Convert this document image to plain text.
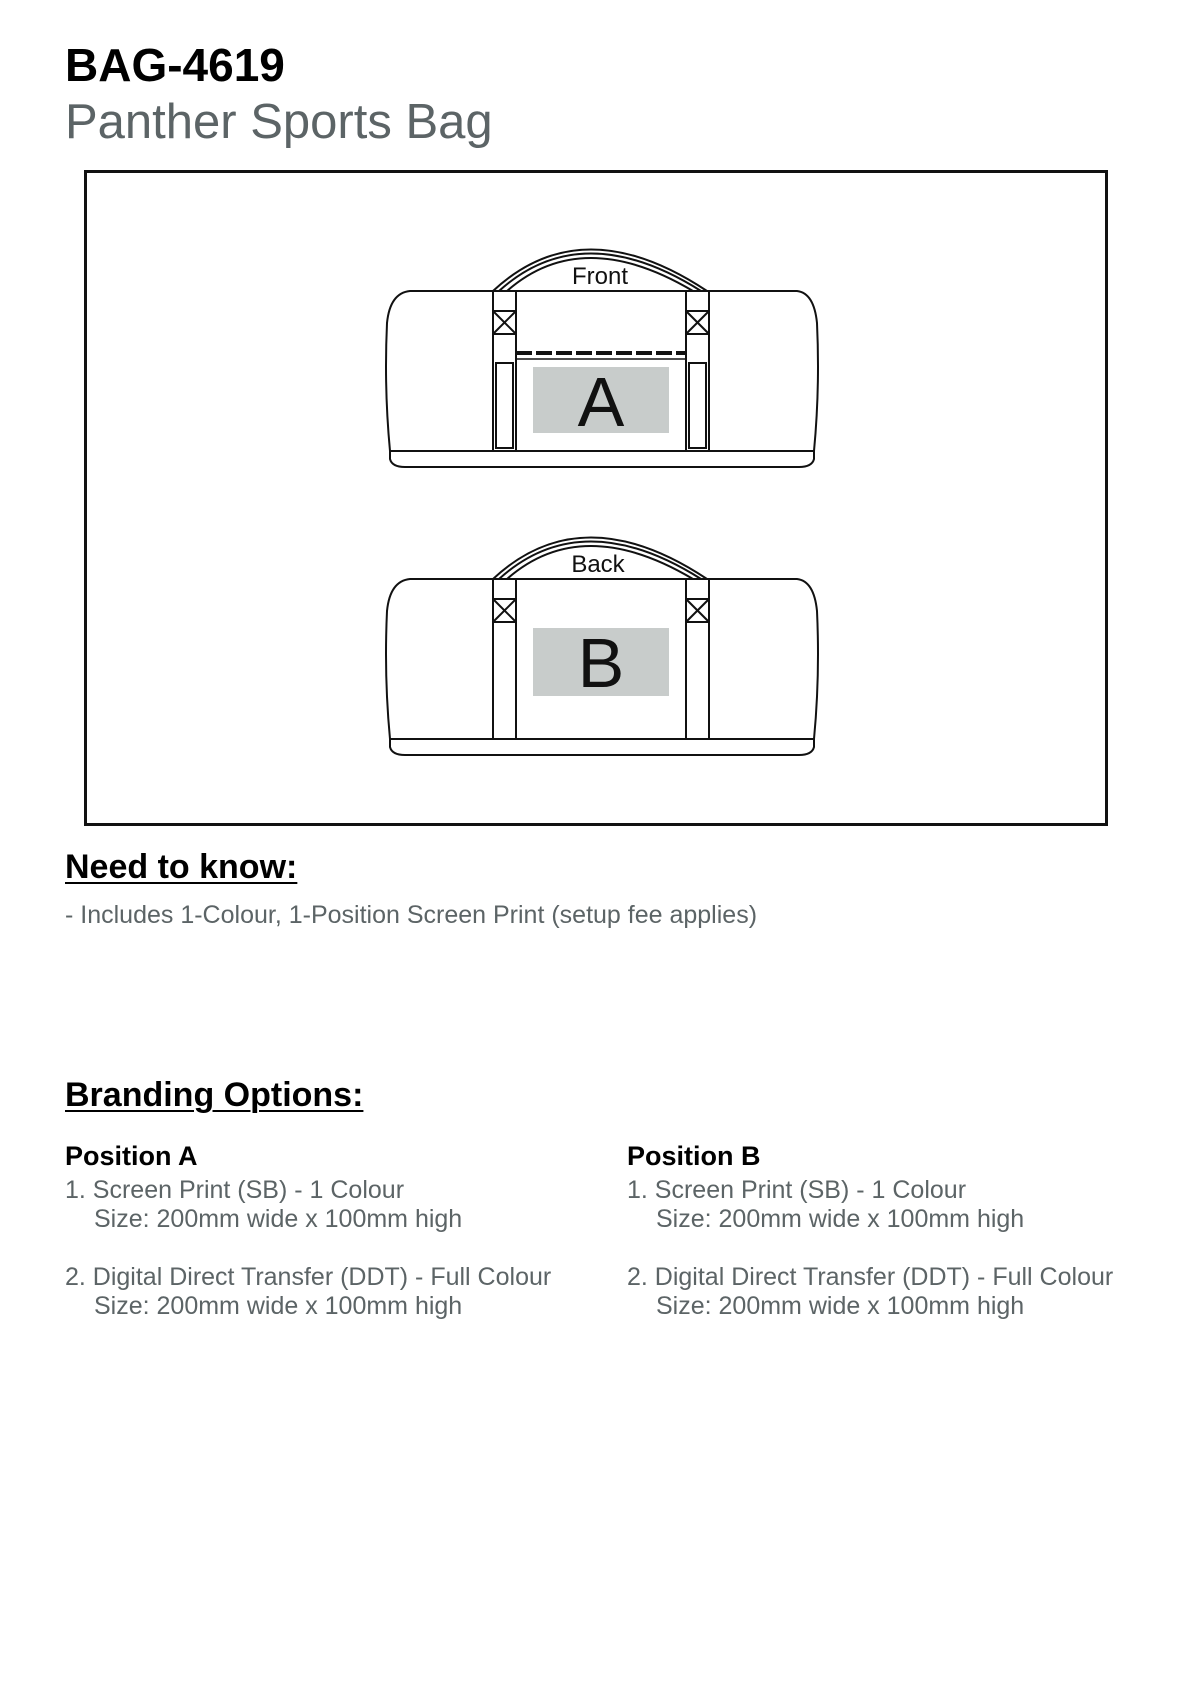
BAG-4619
Panther Sports Bag
Front
A
Back
B
Need to know:
- Includes 1-Colour, 1-Position Screen Print (setup fee applies)
Branding Options:
Position A
1. Screen Print (SB) - 1 Colour
Size: 200mm wide x 100mm high
2. Digital Direct Transfer (DDT) - Full Colour
Size: 200mm wide x 100mm high
Position B
1. Screen Print (SB) - 1 Colour
Size: 200mm wide x 100mm high
2. Digital Direct Transfer (DDT) - Full Colour
Size: 200mm wide x 100mm high
